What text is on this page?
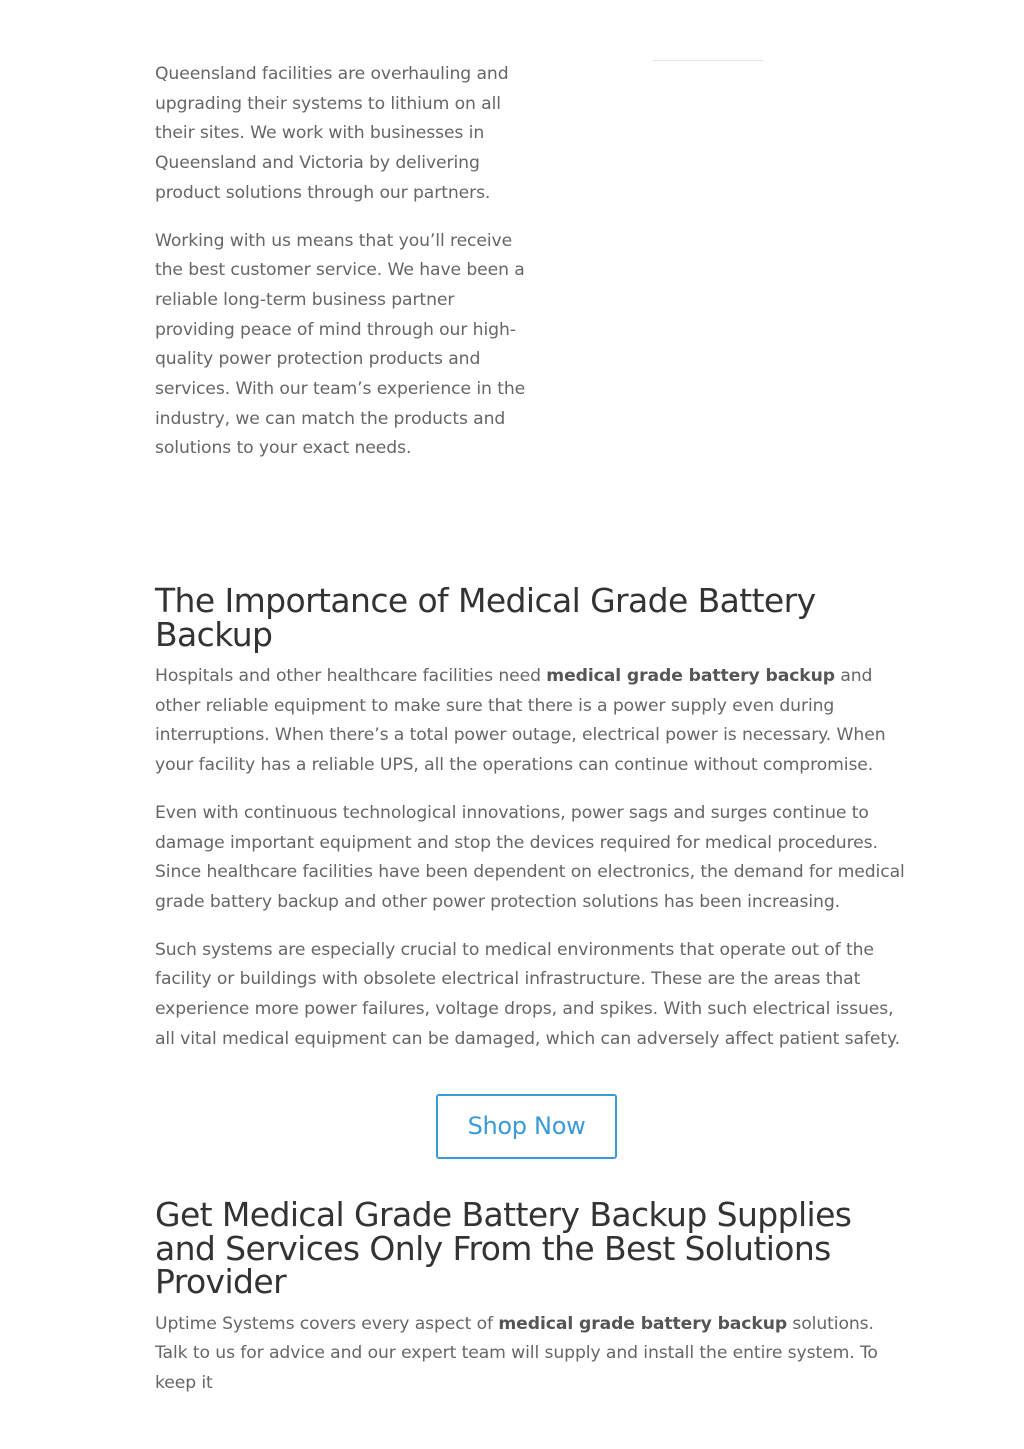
Queensland facilities are overhauling and upgrading their systems to lithium on all their sites. We work with businesses in Queensland and Victoria by delivering product solutions through our partners.

Working with us means that you’ll receive the best customer service. We have been a reliable long-term business partner providing peace of mind through our high-quality power protection products and services. With our team’s experience in the industry, we can match the products and solutions to your exact needs.

The Importance of Medical Grade Battery Backup

Hospitals and other healthcare facilities need medical grade battery backup and other reliable equipment to make sure that there is a power supply even during interruptions. When there’s a total power outage, electrical power is necessary. When your facility has a reliable UPS, all the operations can continue without compromise.

Even with continuous technological innovations, power sags and surges continue to damage important equipment and stop the devices required for medical procedures. Since healthcare facilities have been dependent on electronics, the demand for medical grade battery backup and other power protection solutions has been increasing.

Such systems are especially crucial to medical environments that operate out of the facility or buildings with obsolete electrical infrastructure. These are the areas that experience more power failures, voltage drops, and spikes. With such electrical issues, all vital medical equipment can be damaged, which can adversely affect patient safety.

Shop Now
Get Medical Grade Battery Backup Supplies and Services Only From the Best Solutions Provider

Uptime Systems covers every aspect of medical grade battery backup solutions. Talk to us for advice and our expert team will supply and install the entire system. To keep it
